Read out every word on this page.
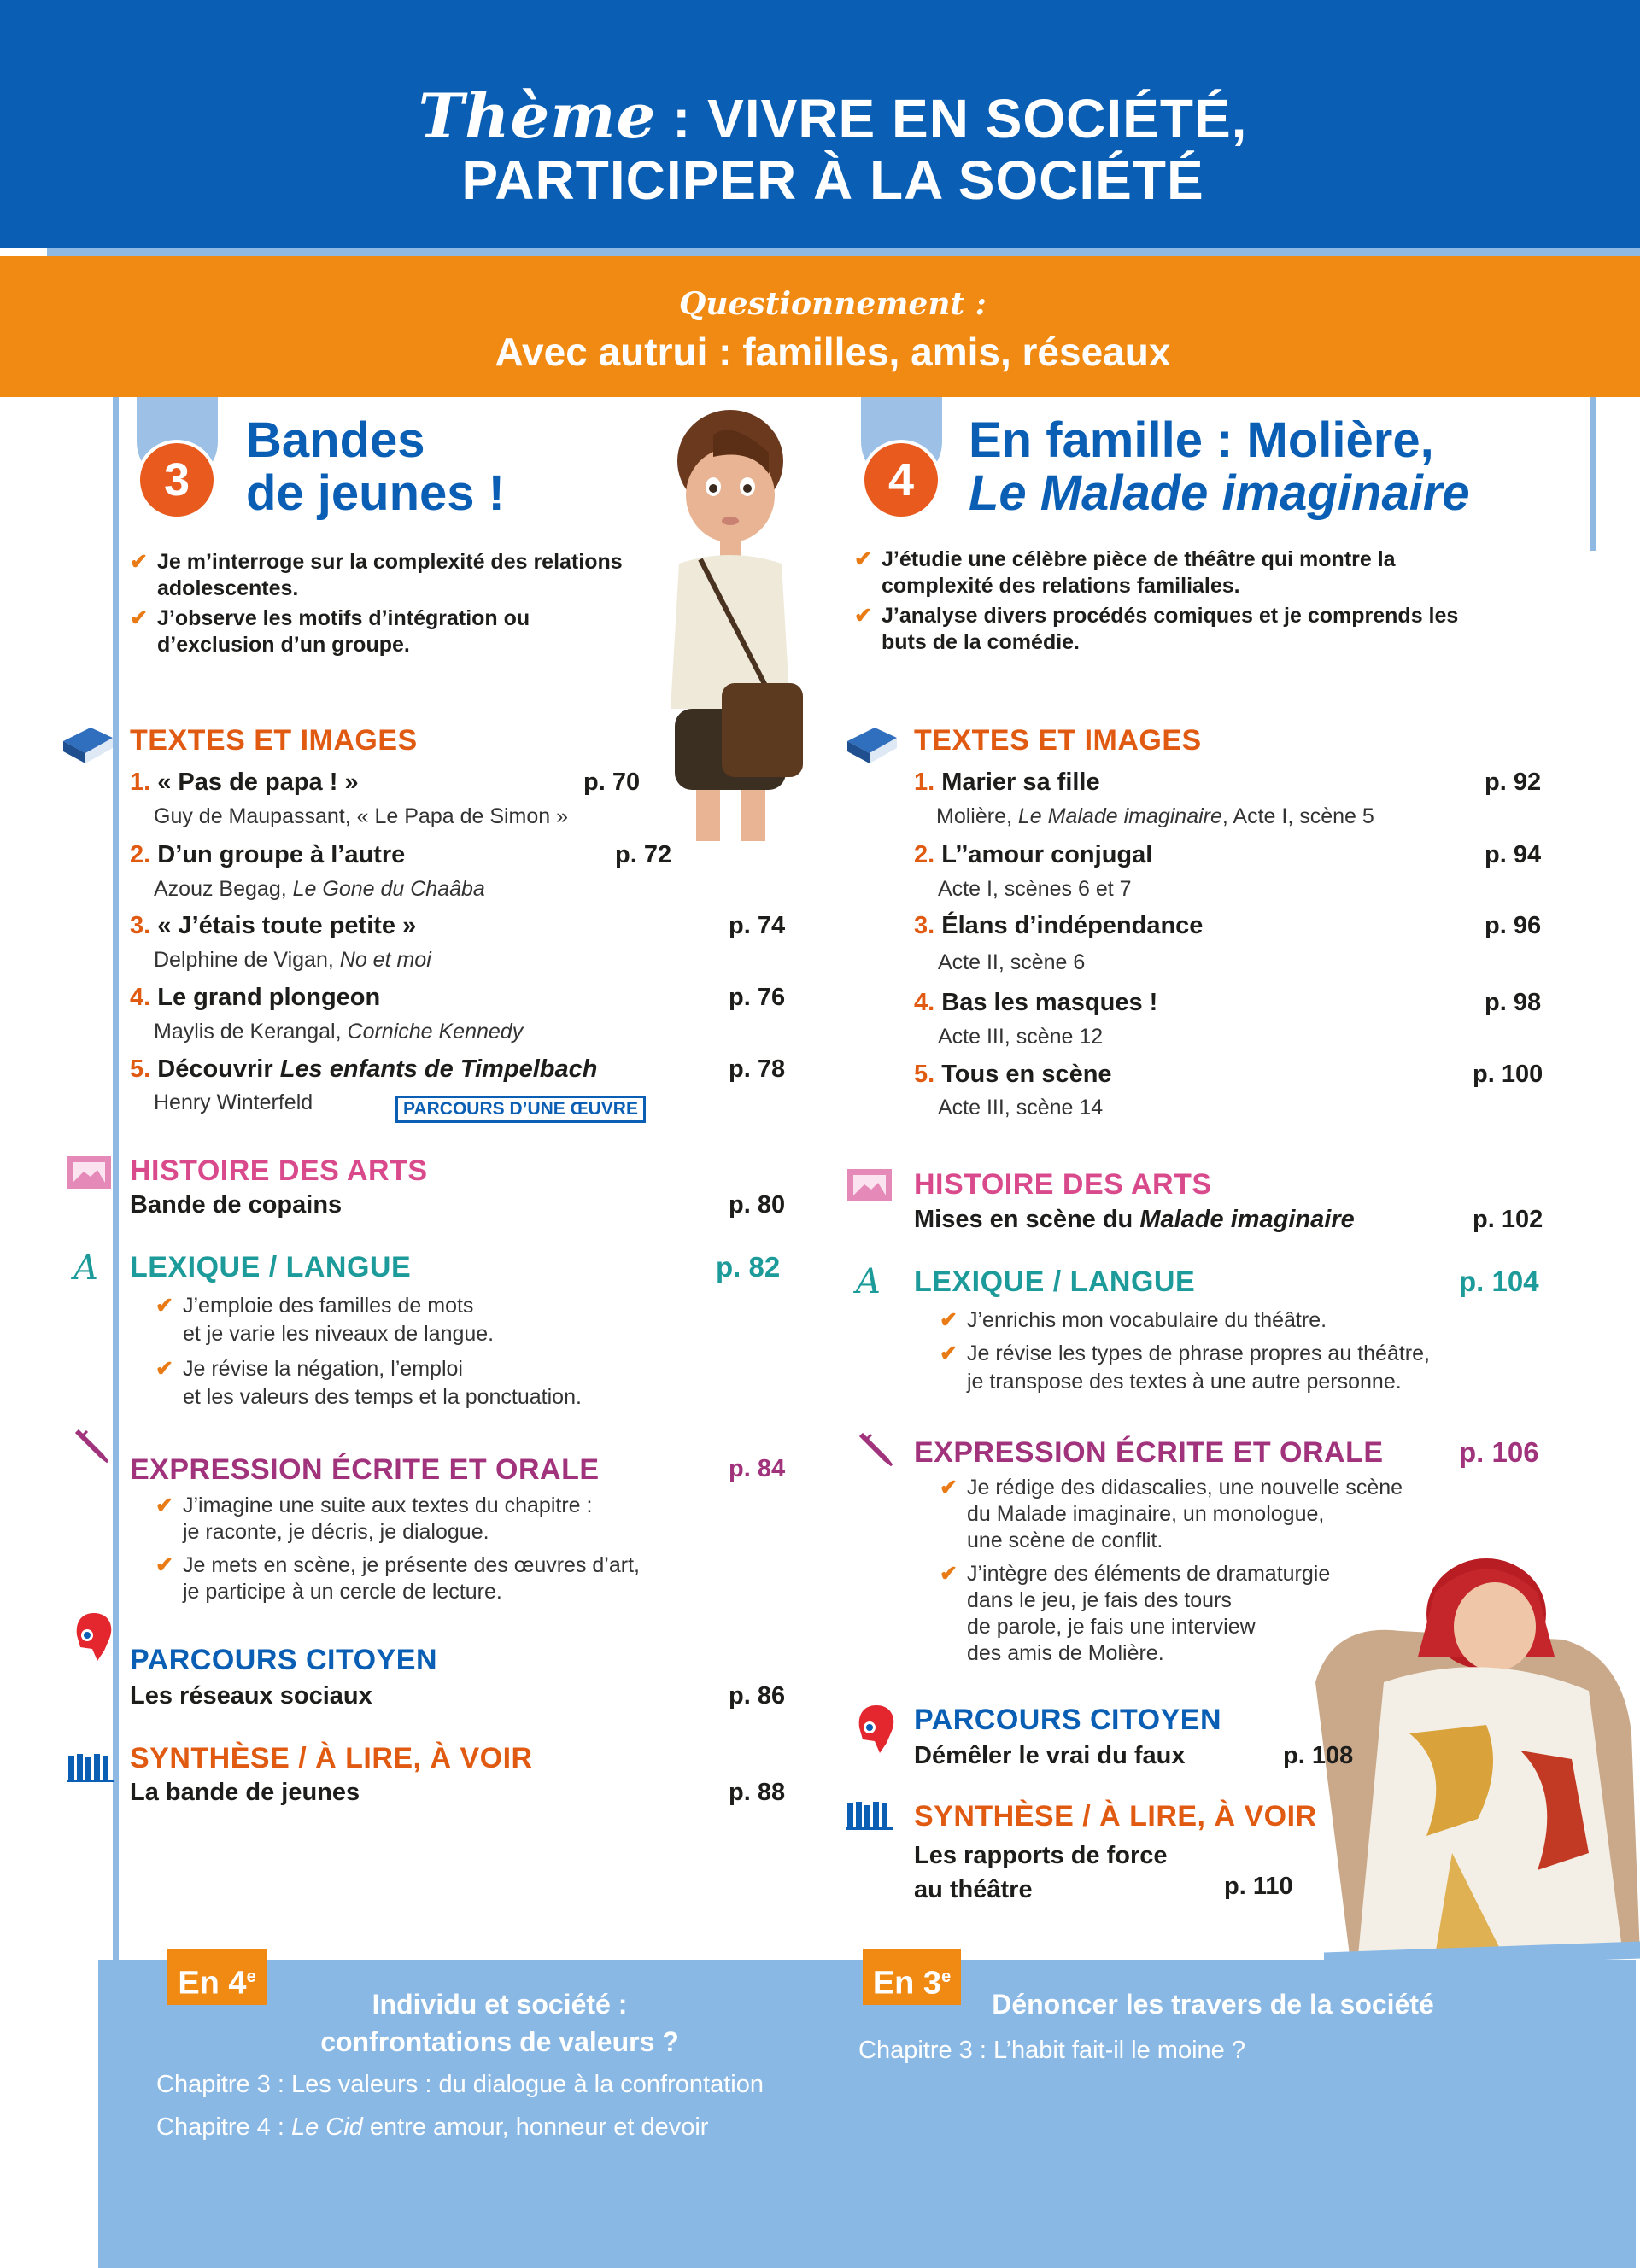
Thème : VIVRE EN SOCIÉTÉ,
PARTICIPER À LA SOCIÉTÉ
Questionnement :
Avec autrui : familles, amis, réseaux
3
Bandes
de jeunes !
✔ Je m’interroge sur la complexité des relations adolescentes.
✔ J’observe les motifs d’intégration ou d’exclusion d’un groupe.
4
En famille : Molière,
Le Malade imaginaire
✔ J’étudie une célèbre pièce de théâtre qui montre la complexité des relations familiales.
✔ J’analyse divers procédés comiques et je comprends les buts de la comédie.
TEXTES ET IMAGES
1. « Pas de papa ! »	p. 70
Guy de Maupassant, « Le Papa de Simon »
2. D’un groupe à l’autre	p. 72
Azouz Begag, Le Gone du Chaâba
3. « J’étais toute petite »	p. 74
Delphine de Vigan, No et moi
4. Le grand plongeon	p. 76
Maylis de Kerangal, Corniche Kennedy
5. Découvrir Les enfants de Timpelbach	p. 78
Henry Winterfeld	PARCOURS D’UNE ŒUVRE
HISTOIRE DES ARTS
Bande de copains	p. 80
A LEXIQUE / LANGUE	p. 82
✔ J’emploie des familles de mots
et je varie les niveaux de langue.
✔ Je révise la négation, l’emploi
et les valeurs des temps et la ponctuation.
EXPRESSION ÉCRITE ET ORALE	p. 84
✔ J’imagine une suite aux textes du chapitre :
je raconte, je décris, je dialogue.
✔ Je mets en scène, je présente des œuvres d’art,
je participe à un cercle de lecture.
PARCOURS CITOYEN
Les réseaux sociaux	p. 86
SYNTHÈSE / À LIRE, À VOIR
La bande de jeunes	p. 88
TEXTES ET IMAGES
1. Marier sa fille	p. 92
Molière, Le Malade imaginaire, Acte I, scène 5
2. L’’amour conjugal	p. 94
Acte I, scènes 6 et 7
3. Élans d’indépendance	p. 96
Acte II, scène 6
4. Bas les masques !	p. 98
Acte III, scène 12
5. Tous en scène	p. 100
Acte III, scène 14
HISTOIRE DES ARTS
Mises en scène du Malade imaginaire	p. 102
A LEXIQUE / LANGUE	p. 104
✔ J’enrichis mon vocabulaire du théâtre.
✔ Je révise les types de phrase propres au théâtre,
je transpose des textes à une autre personne.
EXPRESSION ÉCRITE ET ORALE	p. 106
✔ Je rédige des didascalies, une nouvelle scène
du Malade imaginaire, un monologue,
une scène de conflit.
✔ J’intègre des éléments de dramaturgie
dans le jeu, je fais des tours
de parole, je fais une interview
des amis de Molière.
PARCOURS CITOYEN
Démêler le vrai du faux	p. 108
SYNTHÈSE / À LIRE, À VOIR
Les rapports de force
au théâtre	p. 110
En 4e
Individu et société :
confrontations de valeurs ?
Chapitre 3 : Les valeurs : du dialogue à la confrontation
Chapitre 4 : Le Cid entre amour, honneur et devoir
En 3e
Dénoncer les travers de la société
Chapitre 3 : L’habit fait-il le moine ?
